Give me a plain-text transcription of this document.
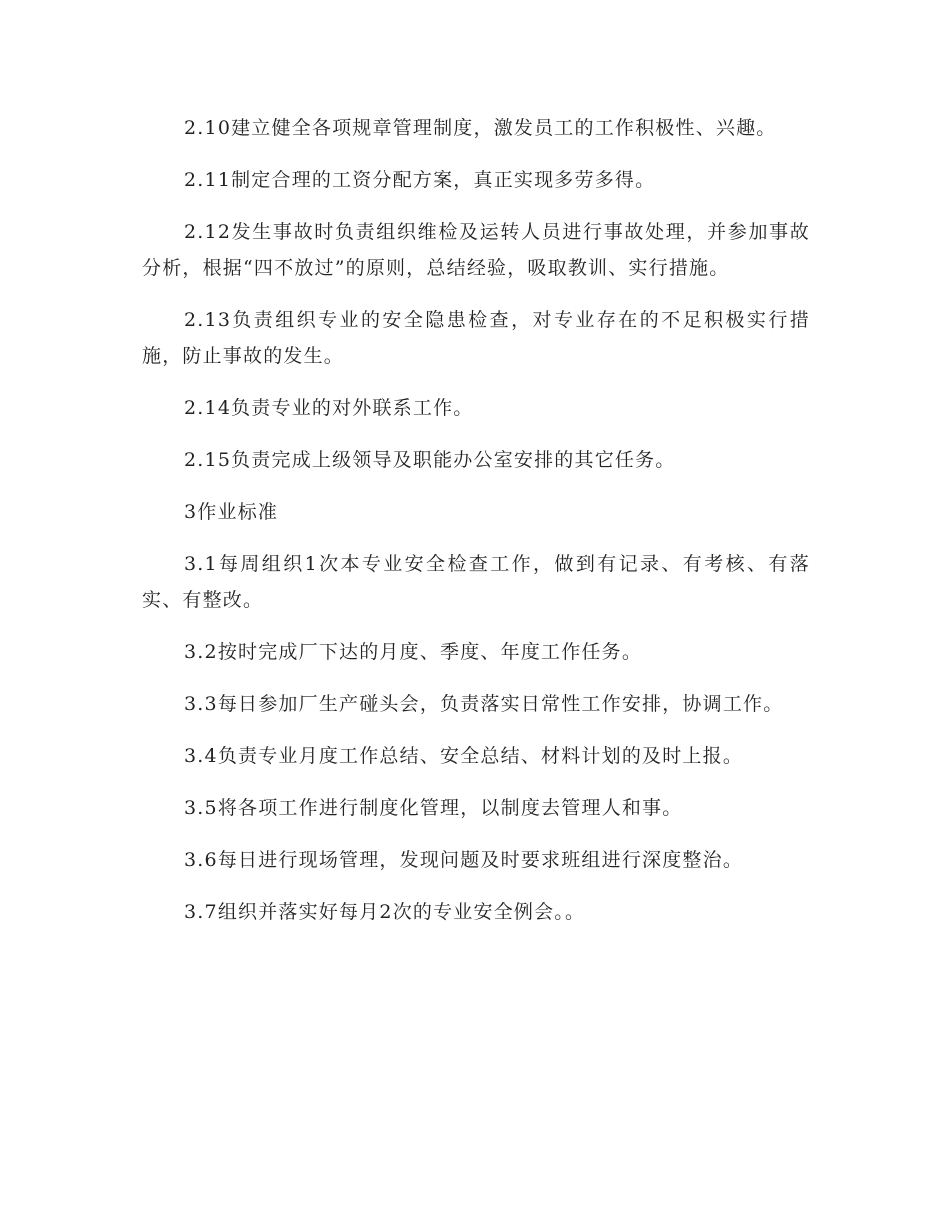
2.10建立健全各项规章管理制度，激发员工的工作积极性、兴趣。

2.11制定合理的工资分配方案，真正实现多劳多得。

2.12发生事故时负责组织维检及运转人员进行事故处理，并参加事故分析，根据“四不放过”的原则，总结经验，吸取教训、实行措施。

2.13负责组织专业的安全隐患检查，对专业存在的不足积极实行措施，防止事故的发生。

2.14负责专业的对外联系工作。

2.15负责完成上级领导及职能办公室安排的其它任务。

3作业标准

3.1每周组织1次本专业安全检查工作，做到有记录、有考核、有落实、有整改。

3.2按时完成厂下达的月度、季度、年度工作任务。

3.3每日参加厂生产碰头会，负责落实日常性工作安排，协调工作。

3.4负责专业月度工作总结、安全总结、材料计划的及时上报。

3.5将各项工作进行制度化管理，以制度去管理人和事。

3.6每日进行现场管理，发现问题及时要求班组进行深度整治。

3.7组织并落实好每月2次的专业安全例会。。
